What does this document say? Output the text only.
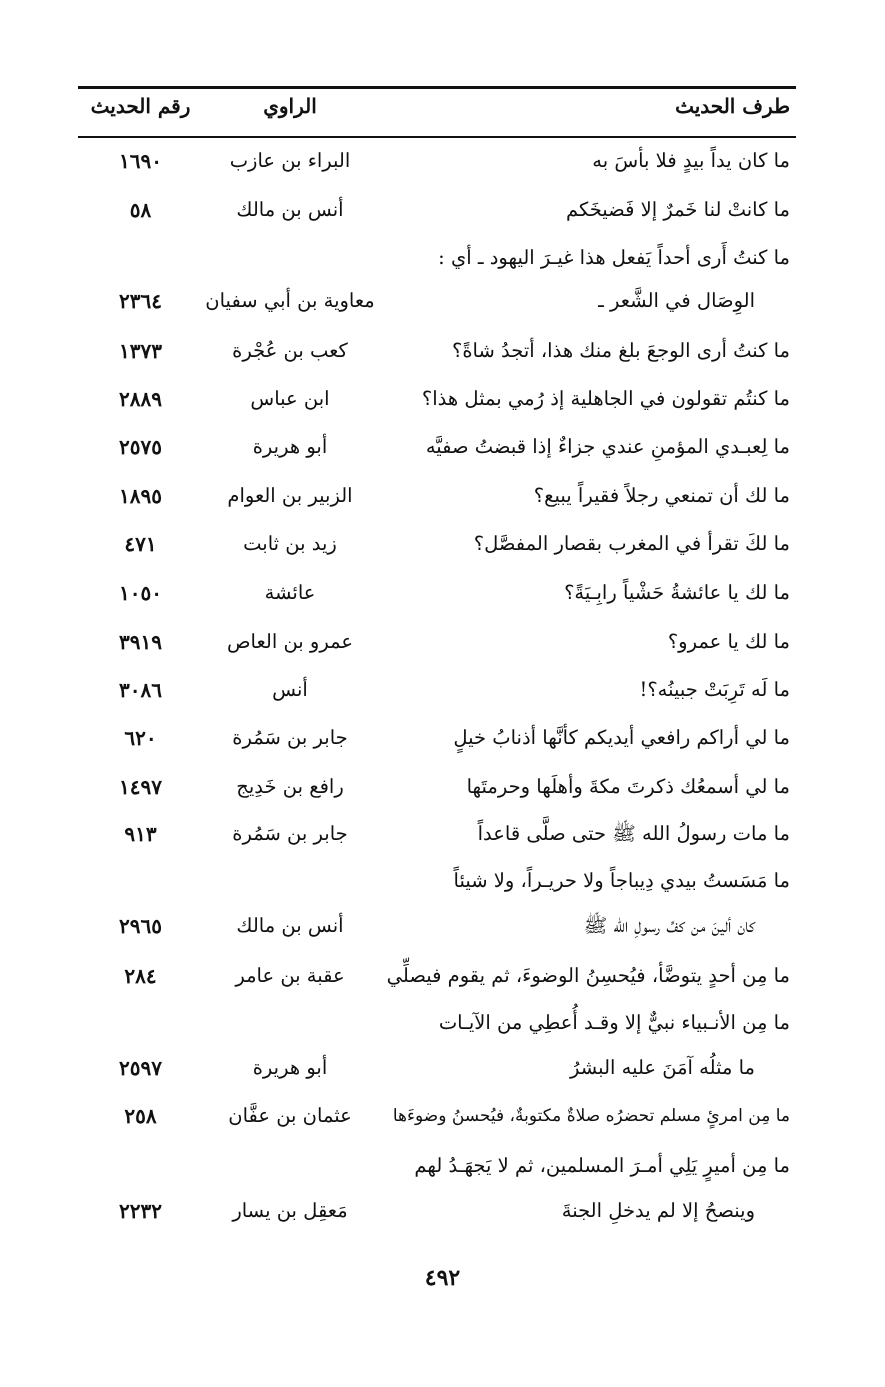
طرف الحديث
الراوي
رقم الحديث
ما كان يداً بيدٍ فلا بأسَ به
البراء بن عازب
١٦٩٠
ما كانتْ لنا خَمرٌ إلا فَضيخَكم
أنس بن مالك
٥٨
ما كنتُ أَرى أحداً يَفعل هذا غيـرَ اليهود ـ أي :
الوِصَال في الشَّعر ـ
معاوية بن أبي سفيان
٢٣٦٤
ما كنتُ أرى الوجعَ بلغ منك هذا، أتجدُ شاةً؟
كعب بن عُجْرة
١٣٧٣
ما كنتُم تقولون في الجاهلية إذ رُمي بمثل هذا؟
ابن عباس
٢٨٨٩
ما لِعبـدي المؤمنِ عندي جزاءٌ إذا قبضتُ صفيَّه
أبو هريرة
٢٥٧٥
ما لك أن تمنعي رجلاً فقيراً يبيع؟
الزبير بن العوام
١٨٩٥
ما لكَ تقرأ في المغرب بقصار المفصَّل؟
زيد بن ثابت
٤٧١
ما لك يا عائشةُ حَشْياً رابِـيَةً؟
عائشة
١٠٥٠
ما لك يا عمرو؟
عمرو بن العاص
٣٩١٩
ما لَه تَرِبَتْ جبينُه؟!
أنس
٣٠٨٦
ما لي أراكم رافعي أيديكم كأنَّها أذنابُ خيلٍ
جابر بن سَمُرة
٦٢٠
ما لي أسمعُك ذكرتَ مكةَ وأهلَها وحرمتَها
رافع بن خَدِيج
١٤٩٧
ما مات رسولُ الله ﷺ حتى صلَّى قاعداً
جابر بن سَمُرة
٩١٣
ما مَسَستُ بيدي دِيباجاً ولا حريـراً، ولا شيئاً
كان ألينَ من كفِّ رسولِ الله ﷺ
أنس بن مالك
٢٩٦٥
ما مِن أحدٍ يتوضَّأ، فيُحسِنُ الوضوءَ، ثم يقوم فيصلِّي
عقبة بن عامر
٢٨٤
ما مِن الأنـبياء نبيٌّ إلا وقـد أُعطِي من الآيـات
ما مثلُه آمَنَ عليه البشرُ
أبو هريرة
٢٥٩٧
ما مِن امرئٍ مسلم تحضرُه صلاةٌ مكتوبةٌ، فيُحسنُ وضوءَها
عثمان بن عفَّان
٢٥٨
ما مِن أميرٍ يَلِي أمـرَ المسلمين، ثم لا يَجهَـدُ لهم
وينصحُ إلا لم يدخلِ الجنةَ
مَعقِل بن يسار
٢٢٣٢
٤٩٢
